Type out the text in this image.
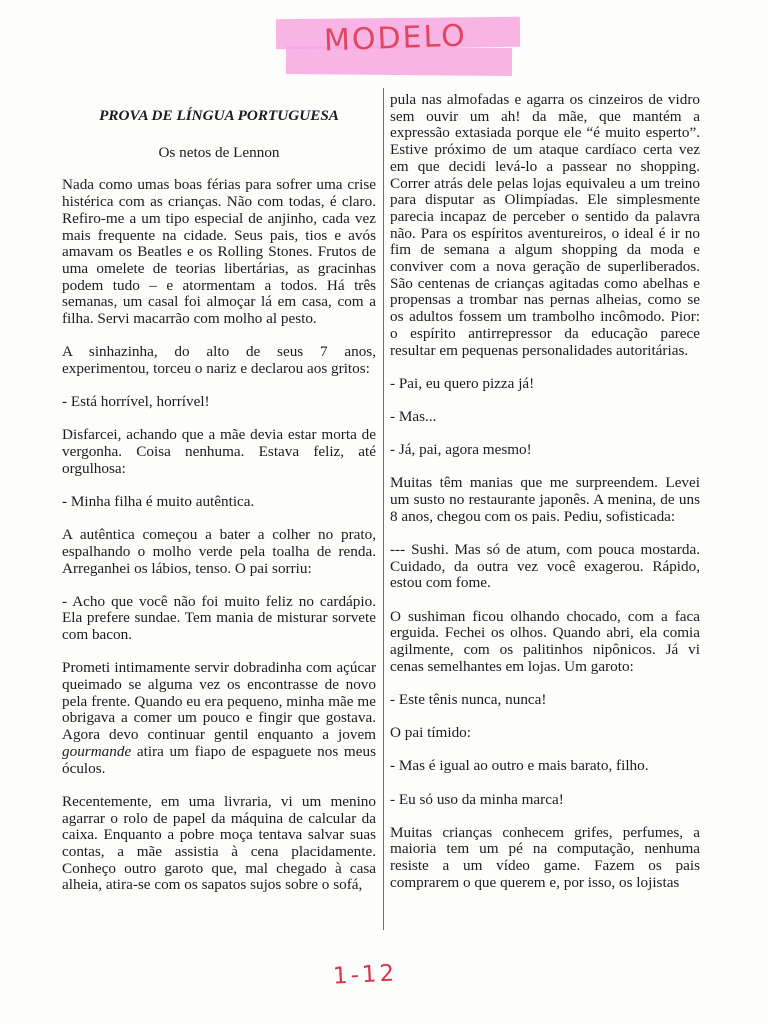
MODELO

PROVA DE LÍNGUA PORTUGUESA

Os netos de Lennon

Nada como umas boas férias para sofrer uma crise histérica com as crianças. Não com todas, é claro. Refiro-me a um tipo especial de anjinho, cada vez mais frequente na cidade. Seus pais, tios e avós amavam os Beatles e os Rolling Stones. Frutos de uma omelete de teorias libertárias, as gracinhas podem tudo – e atormentam a todos. Há três semanas, um casal foi almoçar lá em casa, com a filha. Servi macarrão com molho al pesto.

A sinhazinha, do alto de seus 7 anos, experimentou, torceu o nariz e declarou aos gritos:

- Está horrível, horrível!

Disfarcei, achando que a mãe devia estar morta de vergonha. Coisa nenhuma. Estava feliz, até orgulhosa:

- Minha filha é muito autêntica.

A autêntica começou a bater a colher no prato, espalhando o molho verde pela toalha de renda. Arreganhei os lábios, tenso. O pai sorriu:

- Acho que você não foi muito feliz no cardápio. Ela prefere sundae. Tem mania de misturar sorvete com bacon.

Prometi intimamente servir dobradinha com açúcar queimado se alguma vez os encontrasse de novo pela frente. Quando eu era pequeno, minha mãe me obrigava a comer um pouco e fingir que gostava. Agora devo continuar gentil enquanto a jovem gourmande atira um fiapo de espaguete nos meus óculos.

Recentemente, em uma livraria, vi um menino agarrar o rolo de papel da máquina de calcular da caixa. Enquanto a pobre moça tentava salvar suas contas, a mãe assistia à cena placidamente. Conheço outro garoto que, mal chegado à casa alheia, atira-se com os sapatos sujos sobre o sofá,

pula nas almofadas e agarra os cinzeiros de vidro sem ouvir um ah! da mãe, que mantém a expressão extasiada porque ele “é muito esperto”. Estive próximo de um ataque cardíaco certa vez em que decidi levá-lo a passear no shopping. Correr atrás dele pelas lojas equivaleu a um treino para disputar as Olimpíadas. Ele simplesmente parecia incapaz de perceber o sentido da palavra não. Para os espíritos aventureiros, o ideal é ir no fim de semana a algum shopping da moda e conviver com a nova geração de superliberados. São centenas de crianças agitadas como abelhas e propensas a trombar nas pernas alheias, como se os adultos fossem um trambolho incômodo. Pior: o espírito antirrepressor da educação parece resultar em pequenas personalidades autoritárias.

- Pai, eu quero pizza já!

- Mas...

- Já, pai, agora mesmo!

Muitas têm manias que me surpreendem. Levei um susto no restaurante japonês. A menina, de uns 8 anos, chegou com os pais. Pediu, sofisticada:

--- Sushi. Mas só de atum, com pouca mostarda. Cuidado, da outra vez você exagerou. Rápido, estou com fome.

O sushiman ficou olhando chocado, com a faca erguida. Fechei os olhos. Quando abri, ela comia agilmente, com os palitinhos nipônicos. Já vi cenas semelhantes em lojas. Um garoto:

- Este tênis nunca, nunca!

O pai tímido:

- Mas é igual ao outro e mais barato, filho.

- Eu só uso da minha marca!

Muitas crianças conhecem grifes, perfumes, a maioria tem um pé na computação, nenhuma resiste a um vídeo game. Fazem os pais comprarem o que querem e, por isso, os lojistas

1-12
